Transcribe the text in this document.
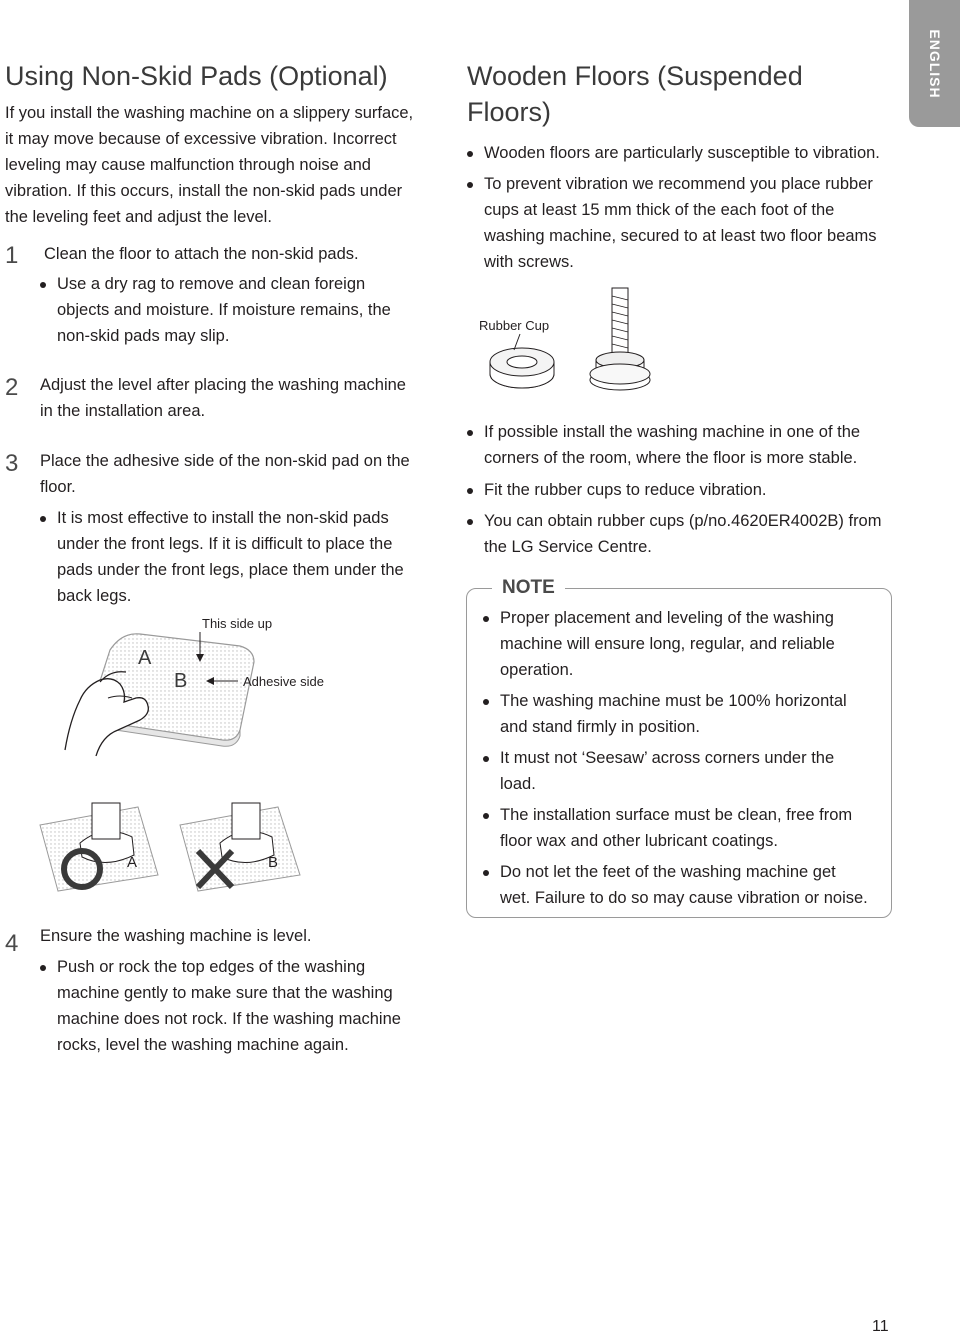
ENGLISH
Using Non-Skid Pads (Optional)
If you install the washing machine on a slippery surface,
it may move because of excessive vibration. Incorrect
leveling may cause malfunction through noise and
vibration. If this occurs, install the non-skid pads under
the leveling feet and adjust the level.
1 Clean the floor to attach the non-skid pads.
Use a dry rag to remove and clean foreign
objects and moisture. If moisture remains, the
non-skid pads may slip.
2 Adjust the level after placing the washing machine
in the installation area.
3 Place the adhesive side of the non-skid pad on the
floor.
It is most effective to install the non-skid pads
under the front legs. If it is difficult to place the
pads under the front legs, place them under the
back legs.
This side up
Adhesive side
A
B
A	B
4 Ensure the washing machine is level.
Push or rock the top edges of the washing
machine gently to make sure that the washing
machine does not rock. If the washing machine
rocks, level the washing machine again.
Wooden Floors (Suspended
Floors)
Wooden floors are particularly susceptible to vibration.
To prevent vibration we recommend you place rubber
cups at least 15 mm thick of the each foot of the
washing machine, secured to at least two floor beams
with screws.
Rubber Cup
If possible install the washing machine in one of the
corners of the room, where the floor is more stable.
Fit the rubber cups to reduce vibration.
You can obtain rubber cups (p/no.4620ER4002B) from
the LG Service Centre.
NOTE
Proper placement and leveling of the washing
machine will ensure long, regular, and reliable
operation.
The washing machine must be 100% horizontal
and stand firmly in position.
It must not ‘Seesaw’ across corners under the
load.
The installation surface must be clean, free from
floor wax and other lubricant coatings.
Do not let the feet of the washing machine get
wet. Failure to do so may cause vibration or noise.
11
